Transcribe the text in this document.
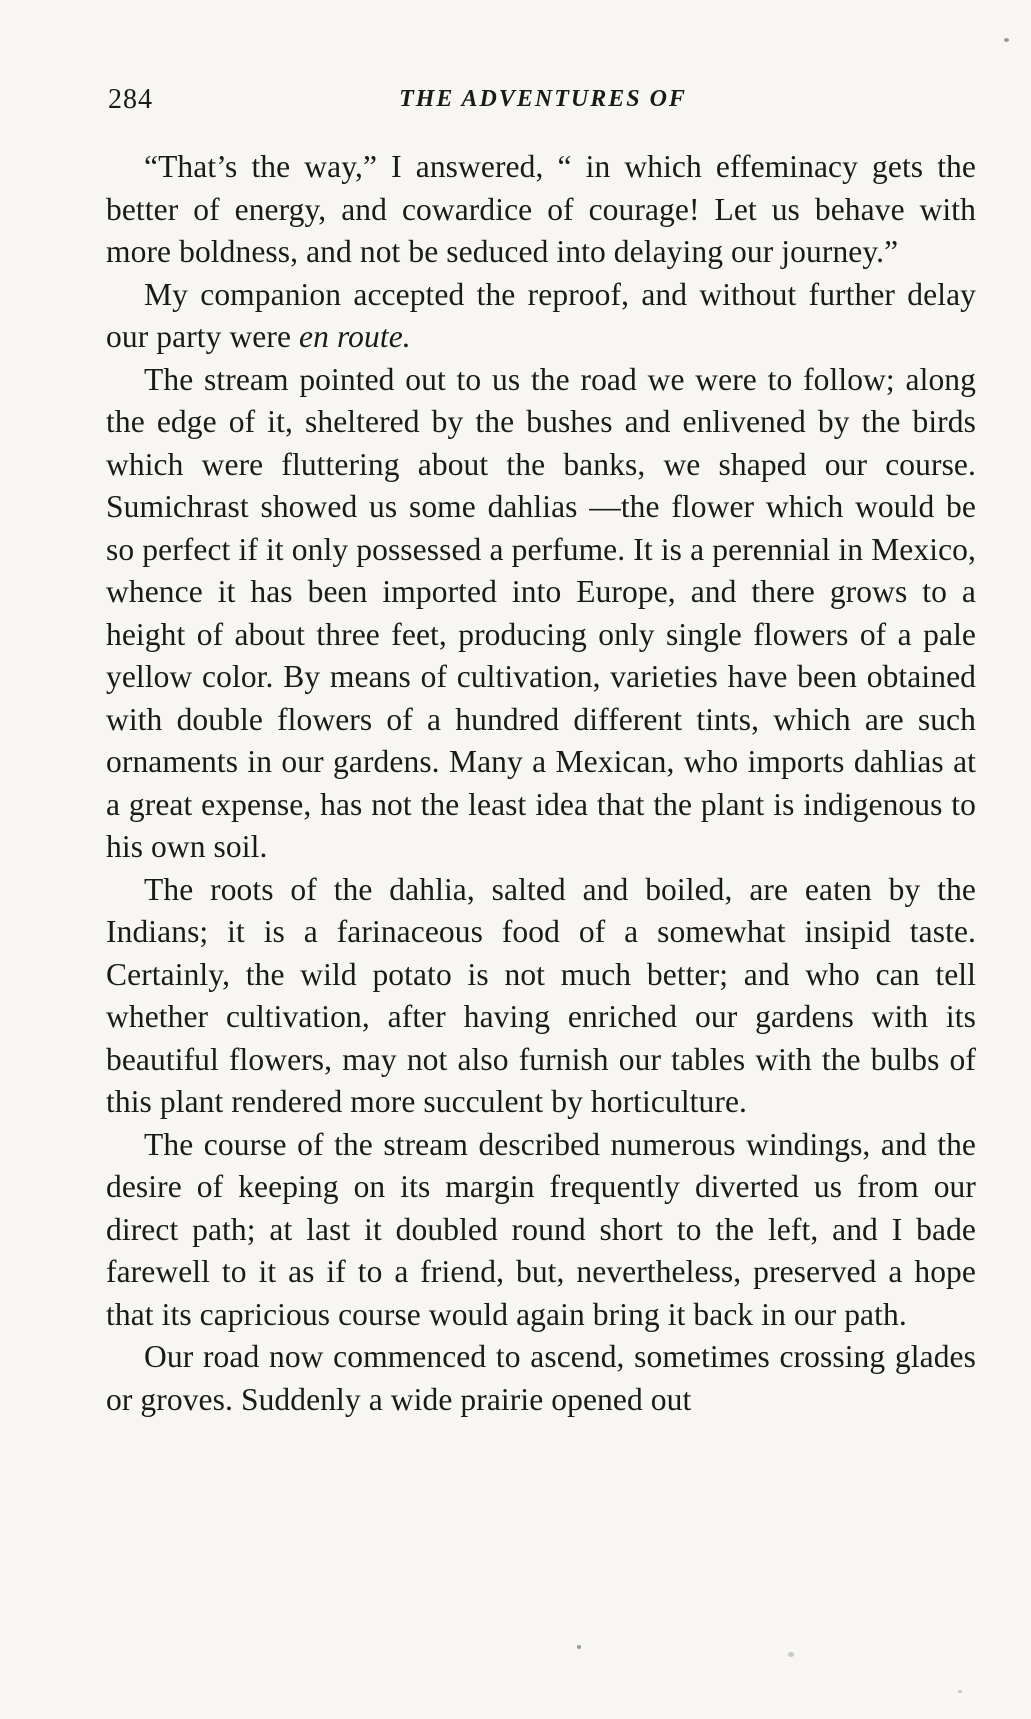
284	THE ADVENTURES OF

“That’s the way,” I answered, “ in which effeminacy gets the better of energy, and cowardice of courage! Let us behave with more boldness, and not be seduced into delaying our journey.”

My companion accepted the reproof, and without further delay our party were en route.

The stream pointed out to us the road we were to follow; along the edge of it, sheltered by the bushes and enlivened by the birds which were fluttering about the banks, we shaped our course. Sumichrast showed us some dahlias —the flower which would be so perfect if it only possessed a perfume. It is a perennial in Mexico, whence it has been imported into Europe, and there grows to a height of about three feet, producing only single flowers of a pale yellow color. By means of cultivation, varieties have been obtained with double flowers of a hundred different tints, which are such ornaments in our gardens. Many a Mexican, who imports dahlias at a great expense, has not the least idea that the plant is indigenous to his own soil.

The roots of the dahlia, salted and boiled, are eaten by the Indians; it is a farinaceous food of a somewhat insipid taste. Certainly, the wild potato is not much better; and who can tell whether cultivation, after having enriched our gardens with its beautiful flowers, may not also furnish our tables with the bulbs of this plant rendered more succulent by horticulture.

The course of the stream described numerous windings, and the desire of keeping on its margin frequently diverted us from our direct path; at last it doubled round short to the left, and I bade farewell to it as if to a friend, but, nevertheless, preserved a hope that its capricious course would again bring it back in our path.

Our road now commenced to ascend, sometimes crossing glades or groves. Suddenly a wide prairie opened out
